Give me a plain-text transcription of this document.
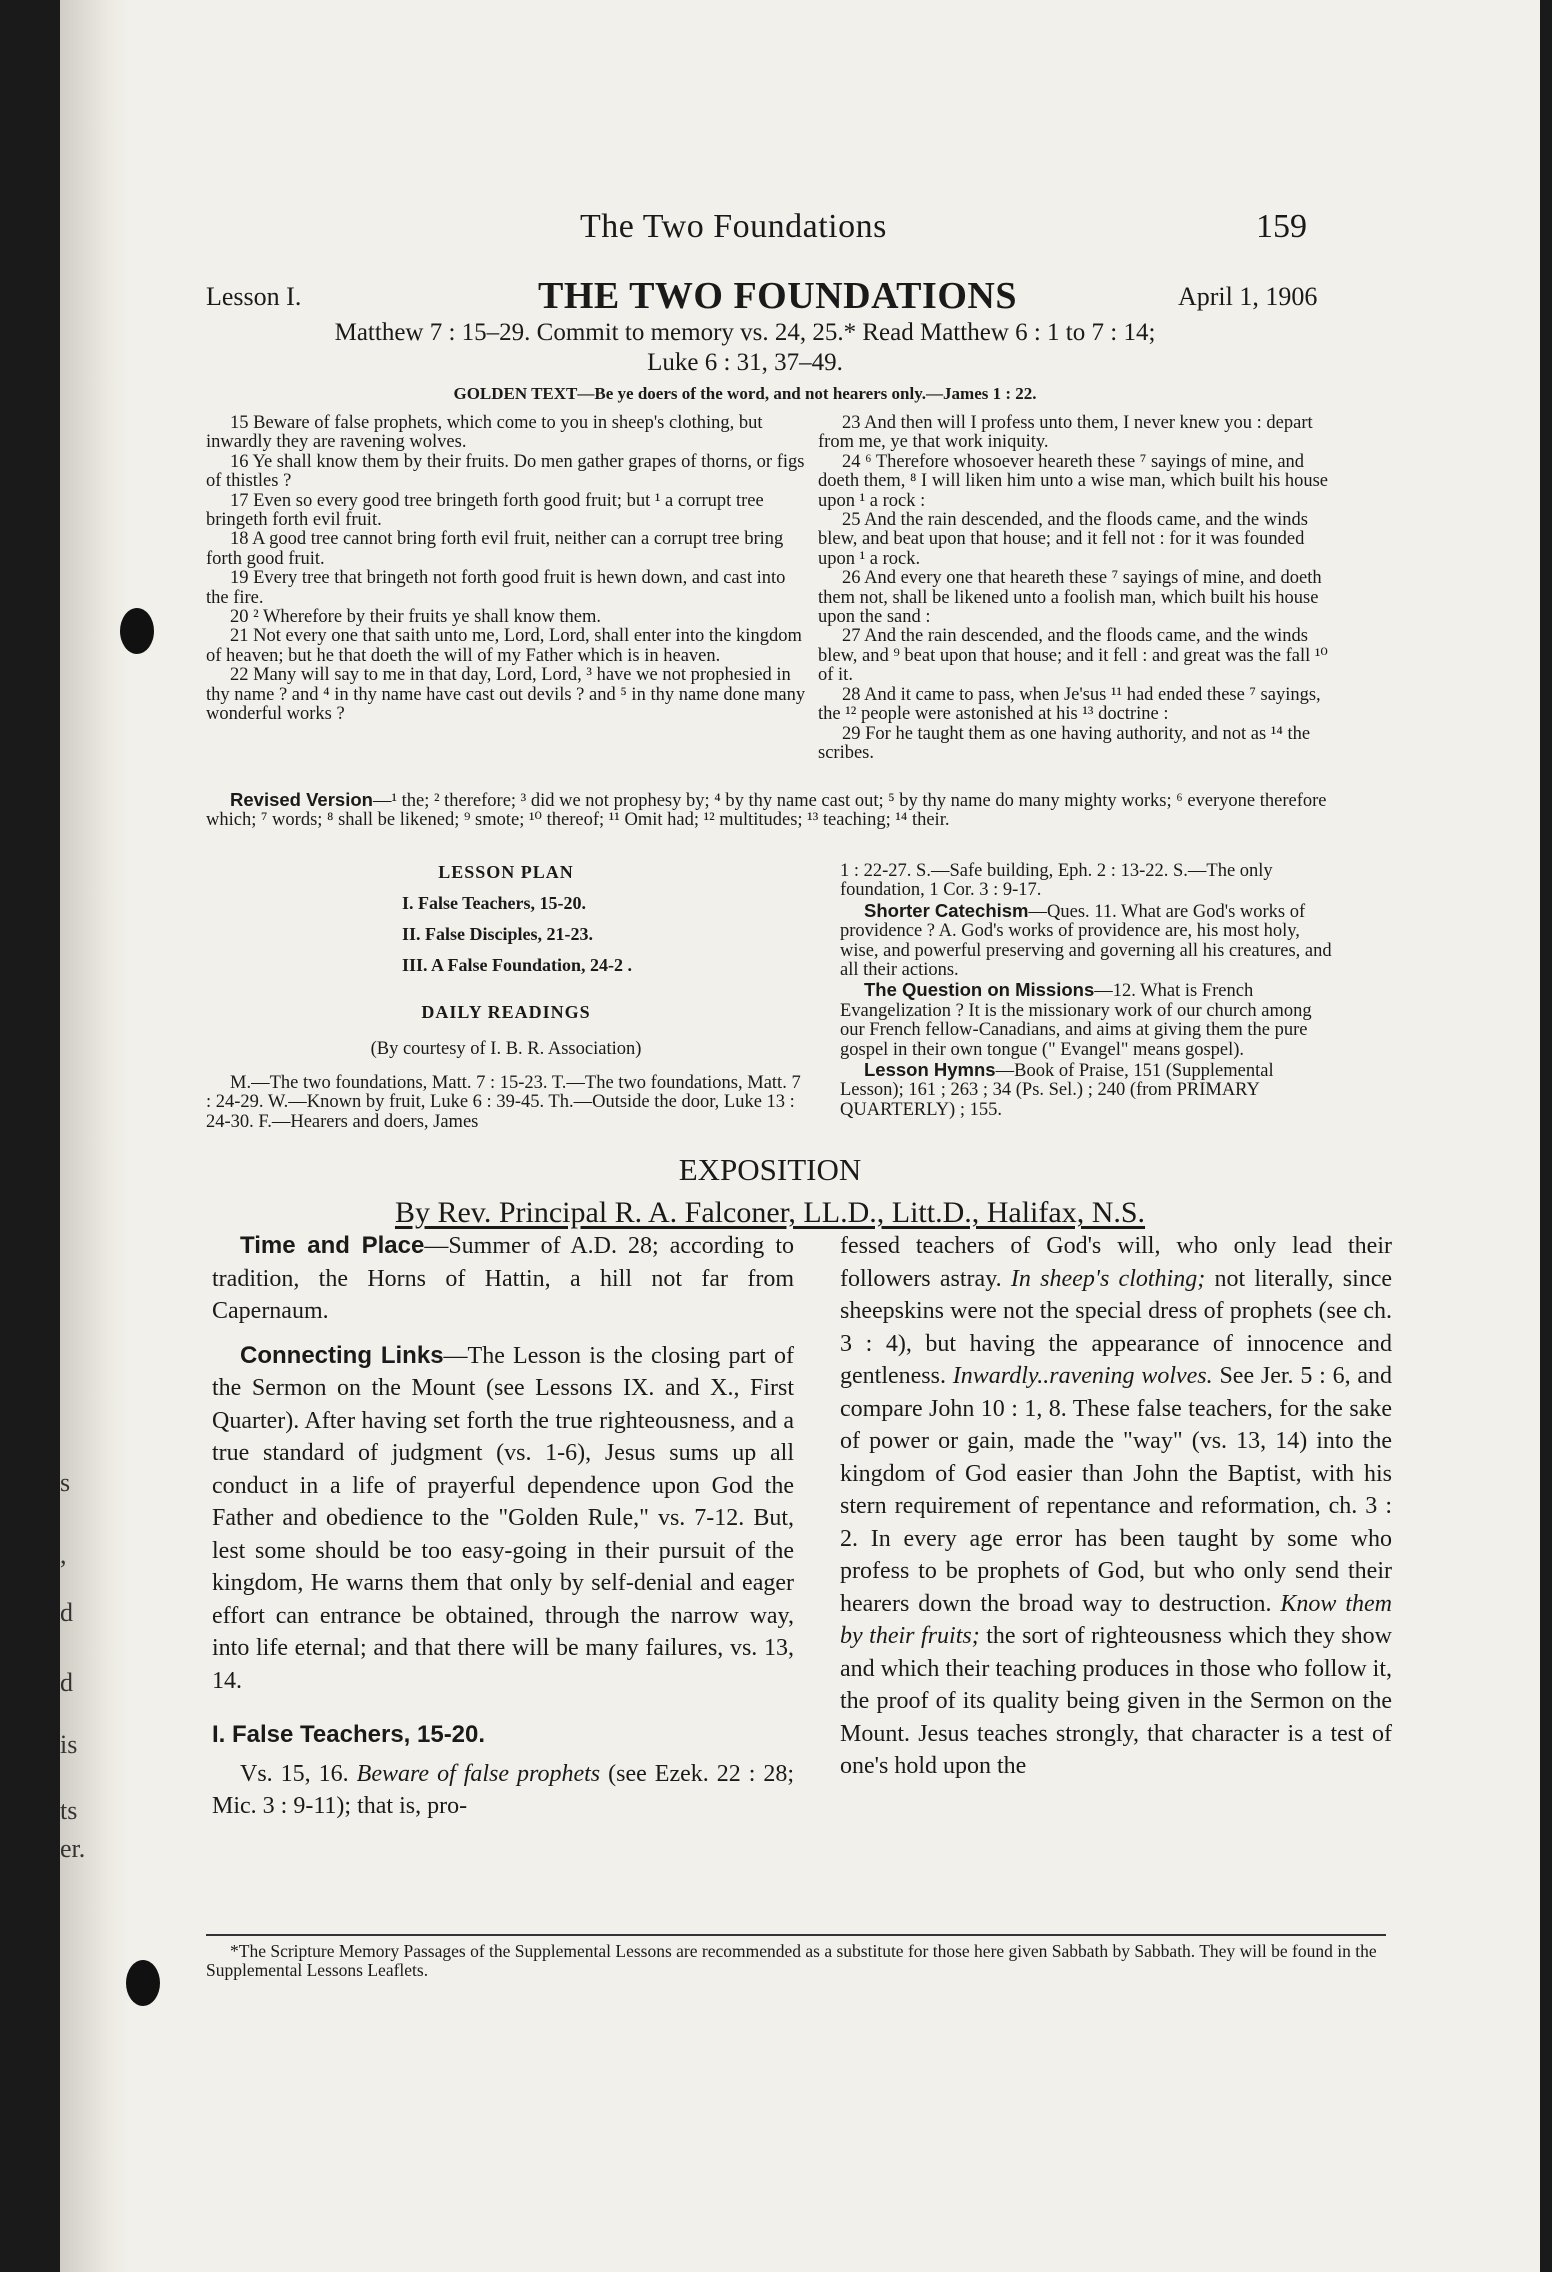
s
,
d
d
is
ts
er.
The Two Foundations	159
Lesson I.	THE TWO FOUNDATIONS	April 1, 1906
Matthew 7 : 15–29. Commit to memory vs. 24, 25.* Read Matthew 6 : 1 to 7 : 14;
Luke 6 : 31, 37–49.
GOLDEN TEXT—Be ye doers of the word, and not hearers only.—James 1 : 22.

15 Beware of false prophets, which come to you in sheep's clothing, but inwardly they are ravening wolves.

16 Ye shall know them by their fruits. Do men gather grapes of thorns, or figs of thistles ?

17 Even so every good tree bringeth forth good fruit; but ¹ a corrupt tree bringeth forth evil fruit.

18 A good tree cannot bring forth evil fruit, neither can a corrupt tree bring forth good fruit.

19 Every tree that bringeth not forth good fruit is hewn down, and cast into the fire.

20 ² Wherefore by their fruits ye shall know them.

21 Not every one that saith unto me, Lord, Lord, shall enter into the kingdom of heaven; but he that doeth the will of my Father which is in heaven.

22 Many will say to me in that day, Lord, Lord, ³ have we not prophesied in thy name ? and ⁴ in thy name have cast out devils ? and ⁵ in thy name done many wonderful works ?

23 And then will I profess unto them, I never knew you : depart from me, ye that work iniquity.

24 ⁶ Therefore whosoever heareth these ⁷ sayings of mine, and doeth them, ⁸ I will liken him unto a wise man, which built his house upon ¹ a rock :

25 And the rain descended, and the floods came, and the winds blew, and beat upon that house; and it fell not : for it was founded upon ¹ a rock.

26 And every one that heareth these ⁷ sayings of mine, and doeth them not, shall be likened unto a foolish man, which built his house upon the sand :

27 And the rain descended, and the floods came, and the winds blew, and ⁹ beat upon that house; and it fell : and great was the fall ¹⁰ of it.

28 And it came to pass, when Je'sus ¹¹ had ended these ⁷ sayings, the ¹² people were astonished at his ¹³ doctrine :

29 For he taught them as one having authority, and not as ¹⁴ the scribes.

Revised Version—¹ the; ² therefore; ³ did we not prophesy by; ⁴ by thy name cast out; ⁵ by thy name do many mighty works; ⁶ everyone therefore which; ⁷ words; ⁸ shall be likened; ⁹ smote; ¹⁰ thereof; ¹¹ Omit had; ¹² multitudes; ¹³ teaching; ¹⁴ their.
LESSON PLAN
I. False Teachers, 15-20.
II. False Disciples, 21-23.
III. A False Foundation, 24-2 .
DAILY READINGS
(By courtesy of I. B. R. Association)
M.—The two foundations, Matt. 7 : 15-23. T.—The two foundations, Matt. 7 : 24-29. W.—Known by fruit, Luke 6 : 39-45. Th.—Outside the door, Luke 13 : 24-30. F.—Hearers and doers, James

1 : 22-27. S.—Safe building, Eph. 2 : 13-22. S.—The only foundation, 1 Cor. 3 : 9-17.

Shorter Catechism—Ques. 11. What are God's works of providence ? A. God's works of providence are, his most holy, wise, and powerful preserving and governing all his creatures, and all their actions.

The Question on Missions—12. What is French Evangelization ? It is the missionary work of our church among our French fellow-Canadians, and aims at giving them the pure gospel in their own tongue (" Evangel" means gospel).

Lesson Hymns—Book of Praise, 151 (Supplemental Lesson); 161 ; 263 ; 34 (Ps. Sel.) ; 240 (from PRIMARY QUARTERLY) ; 155.

EXPOSITION
By Rev. Principal R. A. Falconer, LL.D., Litt.D., Halifax, N.S.

Time and Place—Summer of A.D. 28; according to tradition, the Horns of Hattin, a hill not far from Capernaum.

Connecting Links—The Lesson is the closing part of the Sermon on the Mount (see Lessons IX. and X., First Quarter). After having set forth the true righteousness, and a true standard of judgment (vs. 1-6), Jesus sums up all conduct in a life of prayerful dependence upon God the Father and obedience to the "Golden Rule," vs. 7-12. But, lest some should be too easy-going in their pursuit of the kingdom, He warns them that only by self-denial and eager effort can entrance be obtained, through the narrow way, into life eternal; and that there will be many failures, vs. 13, 14.

I. False Teachers, 15-20.

Vs. 15, 16. Beware of false prophets (see Ezek. 22 : 28; Mic. 3 : 9-11); that is, pro-

fessed teachers of God's will, who only lead their followers astray. In sheep's clothing; not literally, since sheepskins were not the special dress of prophets (see ch. 3 : 4), but having the appearance of innocence and gentleness. Inwardly..ravening wolves. See Jer. 5 : 6, and compare John 10 : 1, 8. These false teachers, for the sake of power or gain, made the "way" (vs. 13, 14) into the kingdom of God easier than John the Baptist, with his stern requirement of repentance and reformation, ch. 3 : 2. In every age error has been taught by some who profess to be prophets of God, but who only send their hearers down the broad way to destruction. Know them by their fruits; the sort of righteousness which they show and which their teaching produces in those who follow it, the proof of its quality being given in the Sermon on the Mount. Jesus teaches strongly, that character is a test of one's hold upon the

*The Scripture Memory Passages of the Supplemental Lessons are recommended as a substitute for those here given Sabbath by Sabbath. They will be found in the Supplemental Lessons Leaflets.
